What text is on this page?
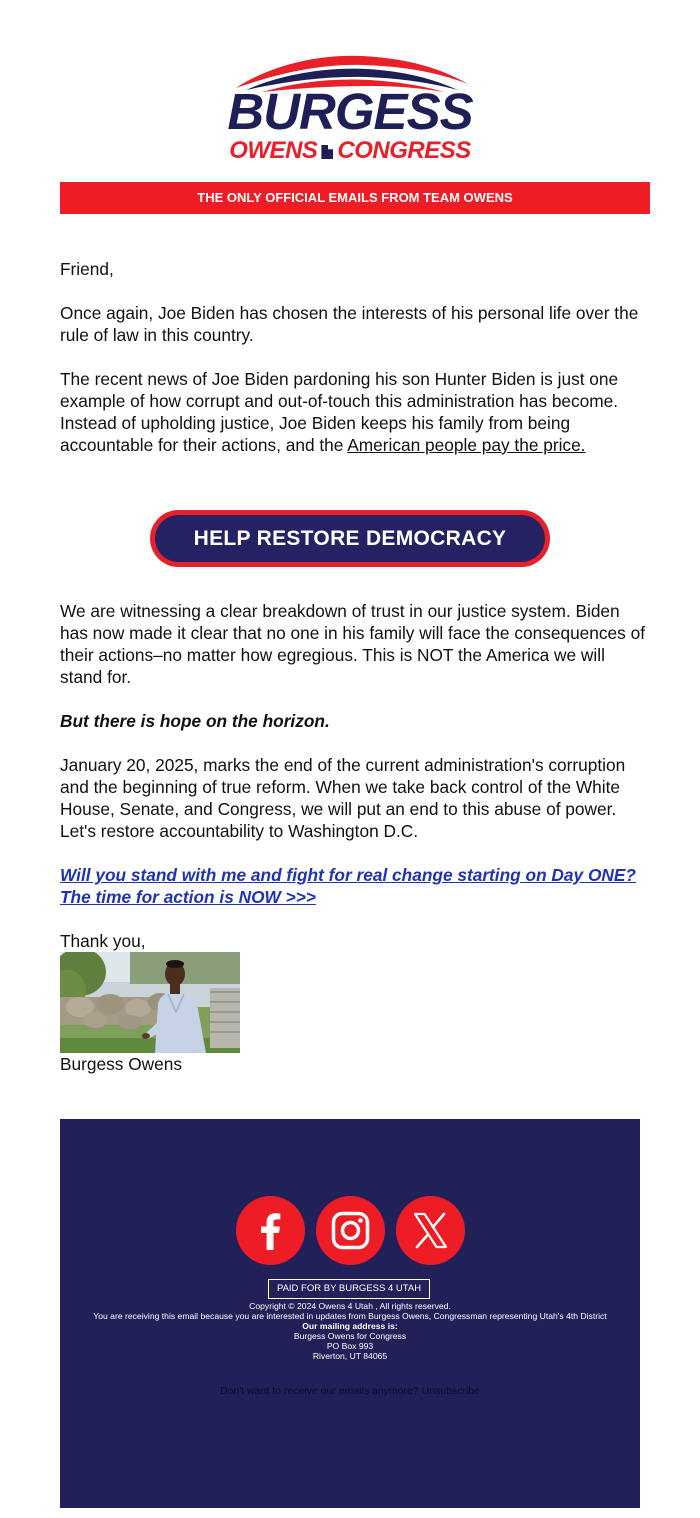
BURGESS
OWENS CONGRESS
THE ONLY OFFICIAL EMAILS FROM TEAM OWENS

Friend,

Once again, Joe Biden has chosen the interests of his personal life over the rule of law in this country.

The recent news of Joe Biden pardoning his son Hunter Biden is just one example of how corrupt and out-of-touch this administration has become. Instead of upholding justice, Joe Biden keeps his family from being accountable for their actions, and the American people pay the price.

HELP RESTORE DEMOCRACY

We are witnessing a clear breakdown of trust in our justice system. Biden has now made it clear that no one in his family will face the consequences of their actions–no matter how egregious. This is NOT the America we will stand for.

But there is hope on the horizon.

January 20, 2025, marks the end of the current administration's corruption and the beginning of true reform. When we take back control of the White House, Senate, and Congress, we will put an end to this abuse of power. Let's restore accountability to Washington D.C.

Will you stand with me and fight for real change starting on Day ONE? The time for action is NOW >>>

Thank you,

Burgess Owens

PAID FOR BY BURGESS 4 UTAH
Copyright © 2024 Owens 4 Utah , All rights reserved.
You are receiving this email because you are interested in updates from Burgess Owens, Congressman representing Utah's 4th District
Our mailing address is:
Burgess Owens for Congress
PO Box 993
Riverton, UT 84065
Don't want to receive our emails anymore? Unsubscribe
